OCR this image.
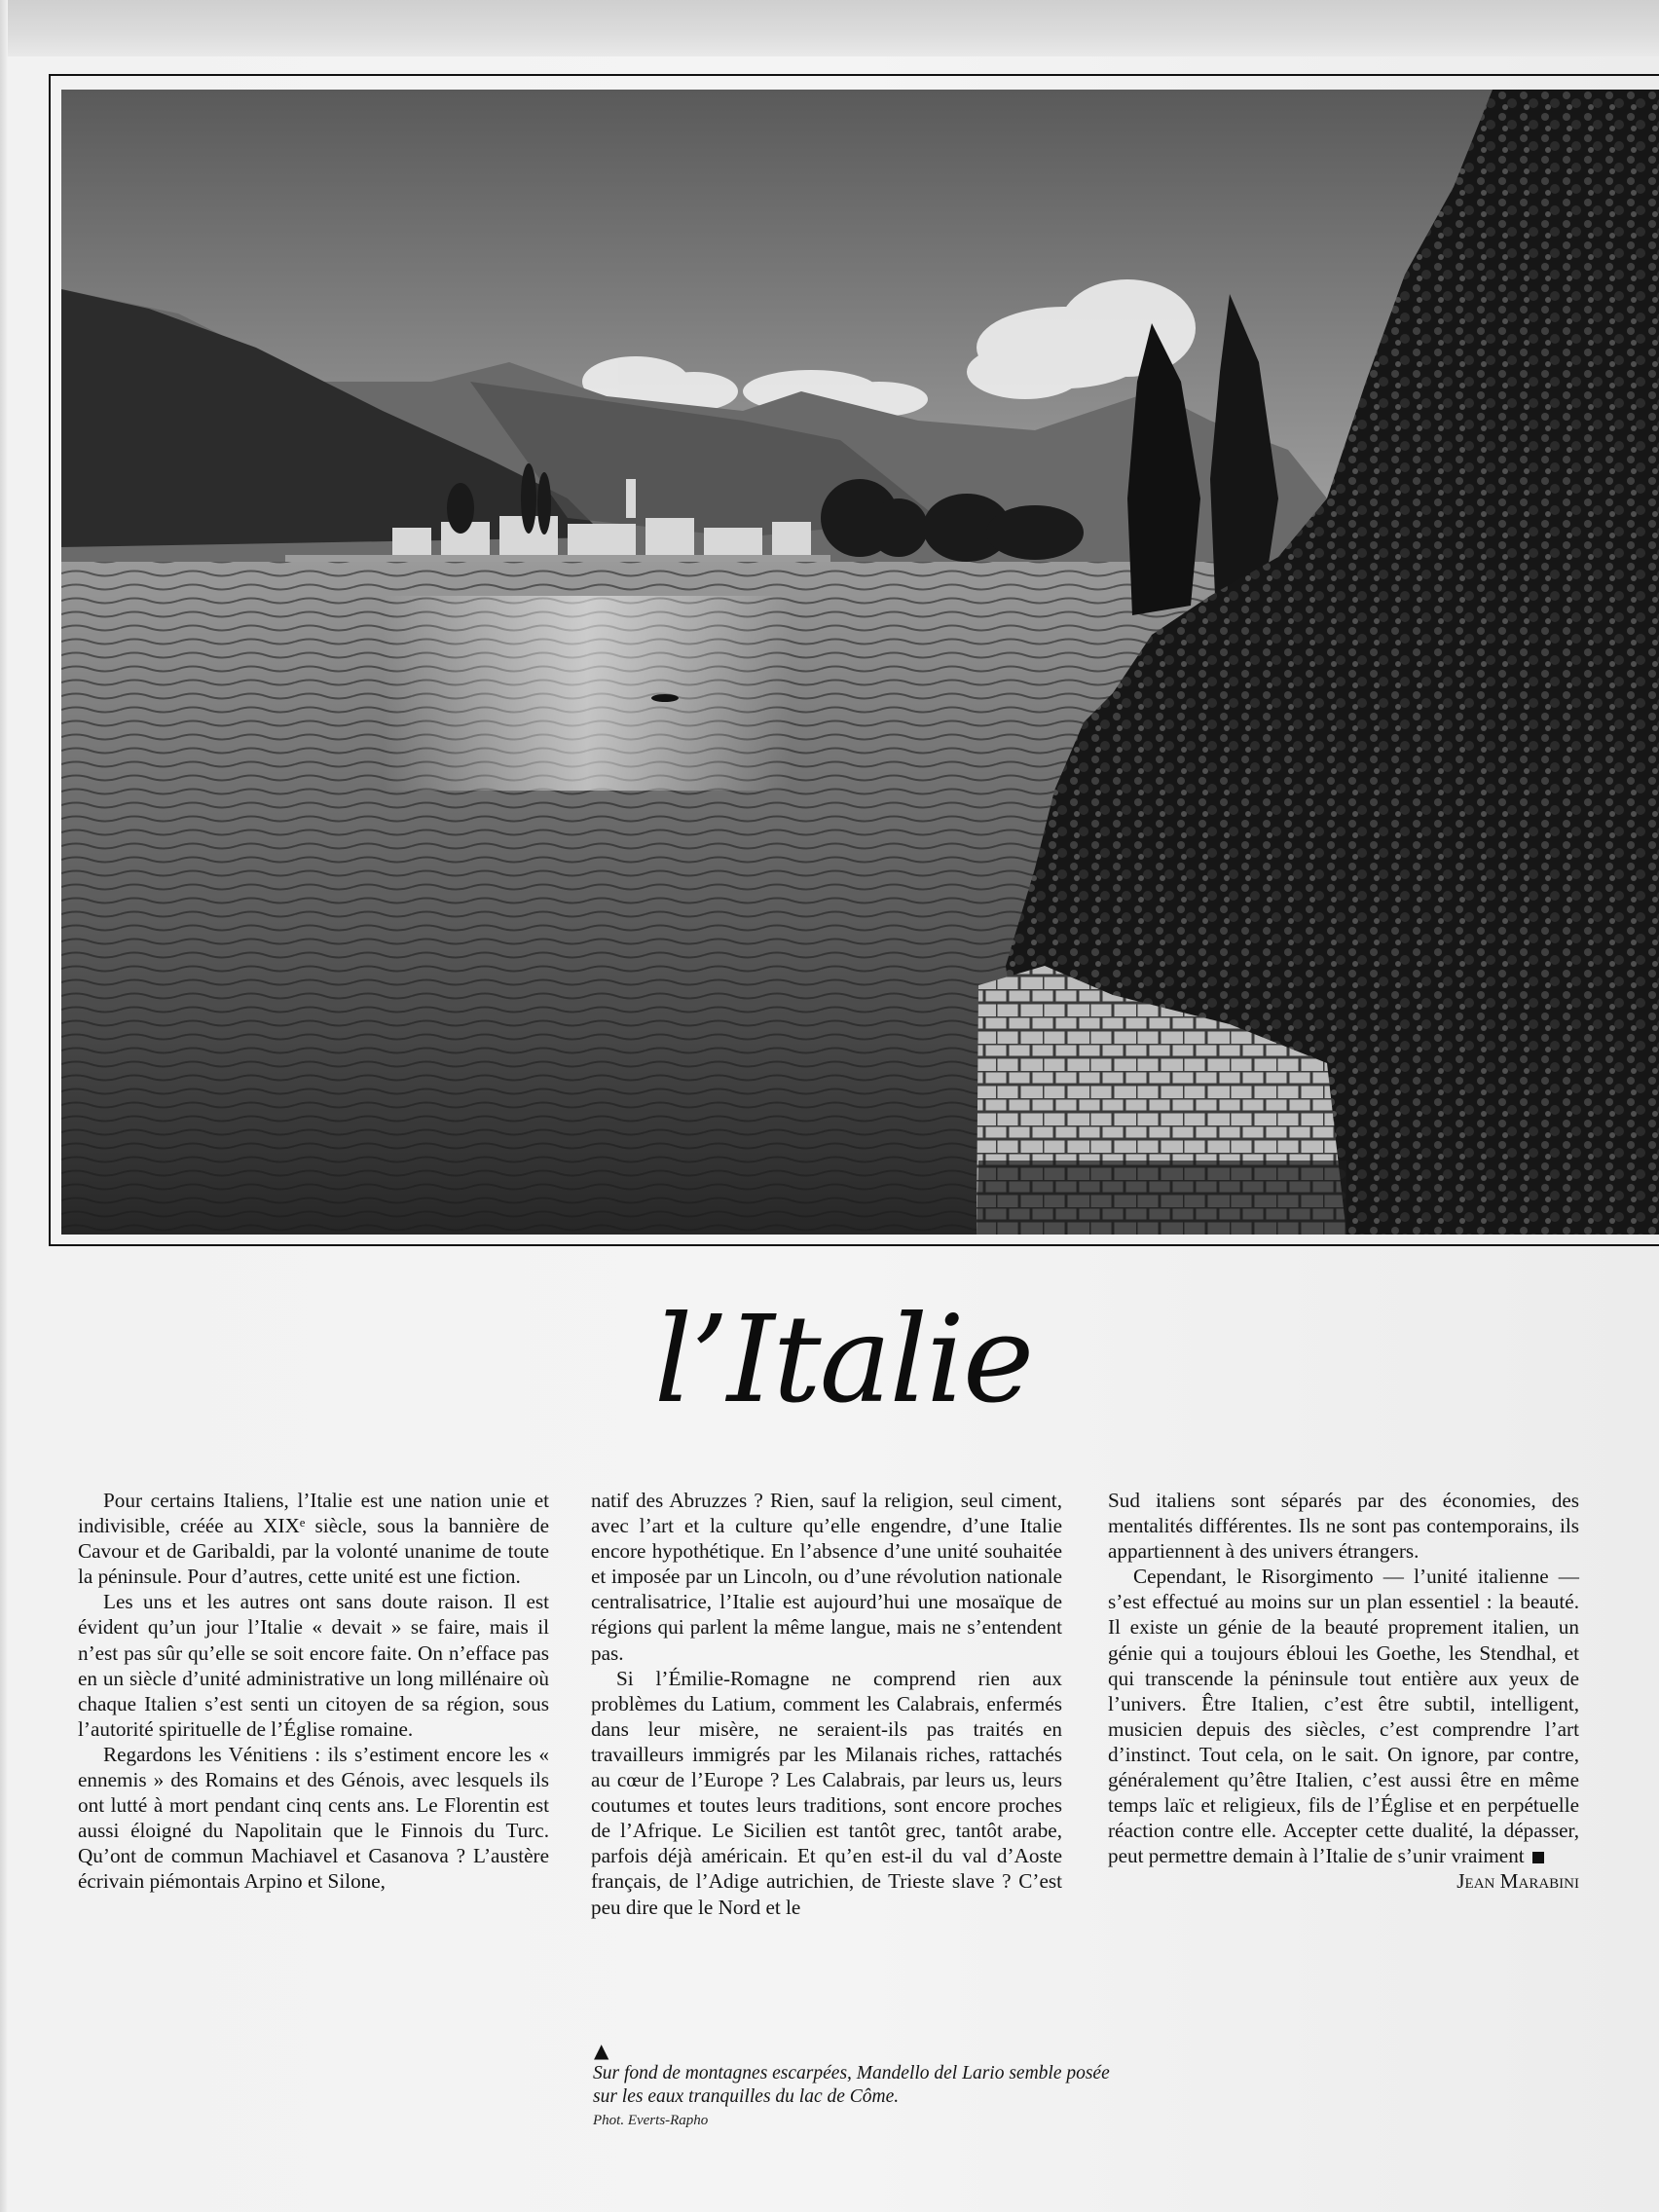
l’Italie

Pour certains Italiens, l’Italie est une nation unie et indivisible, créée au XIXᵉ siècle, sous la bannière de Cavour et de Garibaldi, par la volonté unanime de toute la péninsule. Pour d’autres, cette unité est une fiction.

Les uns et les autres ont sans doute raison. Il est évident qu’un jour l’Italie « devait » se faire, mais il n’est pas sûr qu’elle se soit encore faite. On n’efface pas en un siècle d’unité administrative un long millénaire où chaque Italien s’est senti un citoyen de sa région, sous l’autorité spirituelle de l’Église romaine.

Regardons les Vénitiens : ils s’estiment encore les « ennemis » des Romains et des Génois, avec lesquels ils ont lutté à mort pendant cinq cents ans. Le Florentin est aussi éloigné du Napolitain que le Finnois du Turc. Qu’ont de commun Machiavel et Casanova ? L’austère écrivain piémontais Arpino et Silone,

natif des Abruzzes ? Rien, sauf la religion, seul ciment, avec l’art et la culture qu’elle engendre, d’une Italie encore hypothétique. En l’absence d’une unité souhaitée et imposée par un Lincoln, ou d’une révolution nationale centralisatrice, l’Italie est aujourd’hui une mosaïque de régions qui parlent la même langue, mais ne s’entendent pas.

Si l’Émilie-Romagne ne comprend rien aux problèmes du Latium, comment les Calabrais, enfermés dans leur misère, ne seraient-ils pas traités en travailleurs immigrés par les Milanais riches, rattachés au cœur de l’Europe ? Les Calabrais, par leurs us, leurs coutumes et toutes leurs traditions, sont encore proches de l’Afrique. Le Sicilien est tantôt grec, tantôt arabe, parfois déjà américain. Et qu’en est-il du val d’Aoste français, de l’Adige autrichien, de Trieste slave ? C’est peu dire que le Nord et le

Sud italiens sont séparés par des économies, des mentalités différentes. Ils ne sont pas contemporains, ils appartiennent à des univers étrangers.

Cependant, le Risorgimento — l’unité italienne — s’est effectué au moins sur un plan essentiel : la beauté. Il existe un génie de la beauté proprement italien, un génie qui a toujours ébloui les Goethe, les Stendhal, et qui transcende la péninsule tout entière aux yeux de l’univers. Être Italien, c’est être subtil, intelligent, musicien depuis des siècles, c’est comprendre l’art d’instinct. Tout cela, on le sait. On ignore, par contre, généralement qu’être Italien, c’est aussi être en même temps laïc et religieux, fils de l’Église et en perpétuelle réaction contre elle. Accepter cette dualité, la dépasser, peut permettre demain à l’Italie de s’unir vraiment
Jean Marabini

▲
Sur fond de montagnes escarpées, Mandello del Lario semble posée sur les eaux tranquilles du lac de Côme.
Phot. Everts-Rapho
